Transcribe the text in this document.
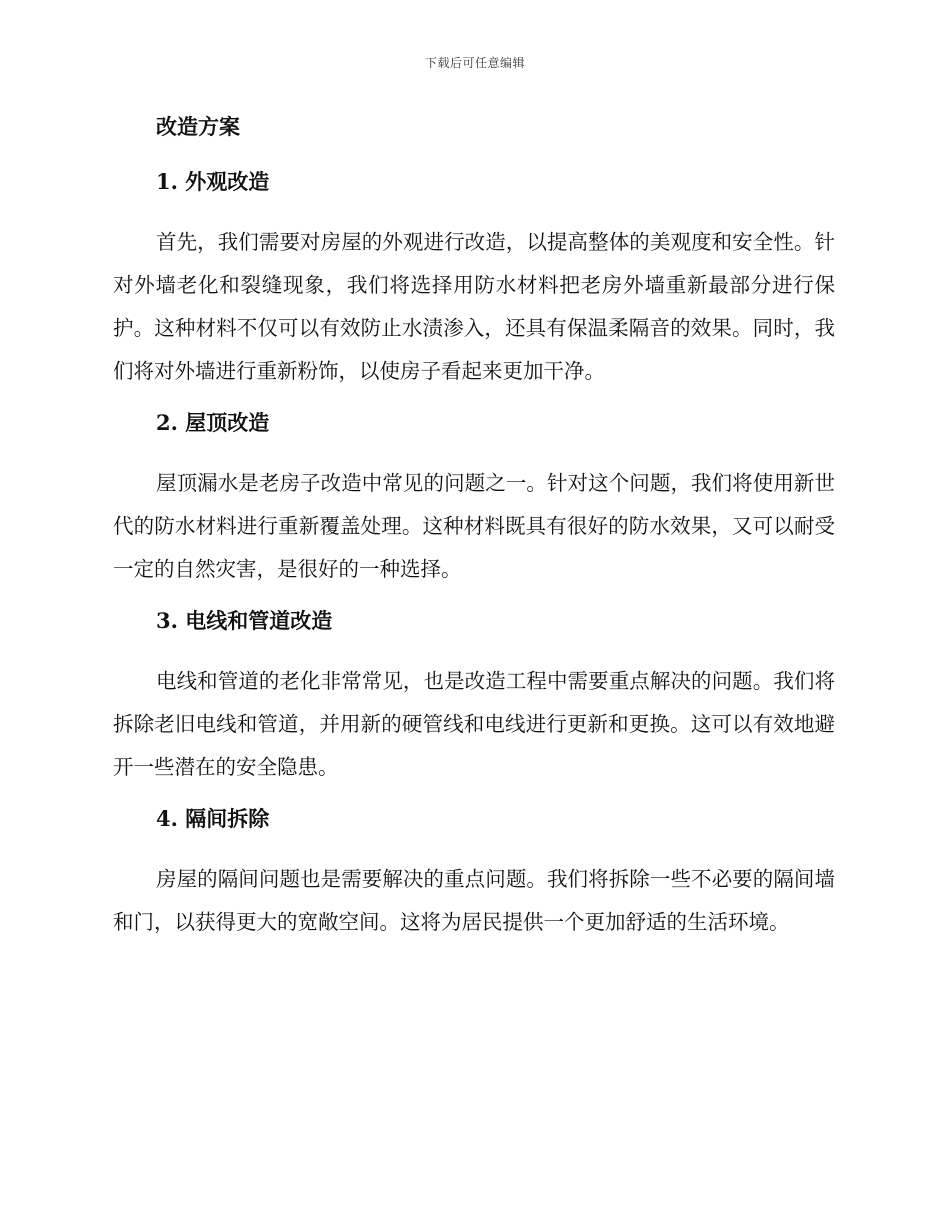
下载后可任意编辑
改造方案
1. 外观改造

首先，我们需要对房屋的外观进行改造，以提高整体的美观度和安全性。针对外墙老化和裂缝现象，我们将选择用防水材料把老房外墙重新最部分进行保护。这种材料不仅可以有效防止水渍渗入，还具有保温柔隔音的效果。同时，我们将对外墙进行重新粉饰，以使房子看起来更加干净。

2. 屋顶改造

屋顶漏水是老房子改造中常见的问题之一。针对这个问题，我们将使用新世代的防水材料进行重新覆盖处理。这种材料既具有很好的防水效果，又可以耐受一定的自然灾害，是很好的一种选择。

3. 电线和管道改造

电线和管道的老化非常常见，也是改造工程中需要重点解决的问题。我们将拆除老旧电线和管道，并用新的硬管线和电线进行更新和更换。这可以有效地避开一些潜在的安全隐患。

4. 隔间拆除

房屋的隔间问题也是需要解决的重点问题。我们将拆除一些不必要的隔间墙和门，以获得更大的宽敞空间。这将为居民提供一个更加舒适的生活环境。
